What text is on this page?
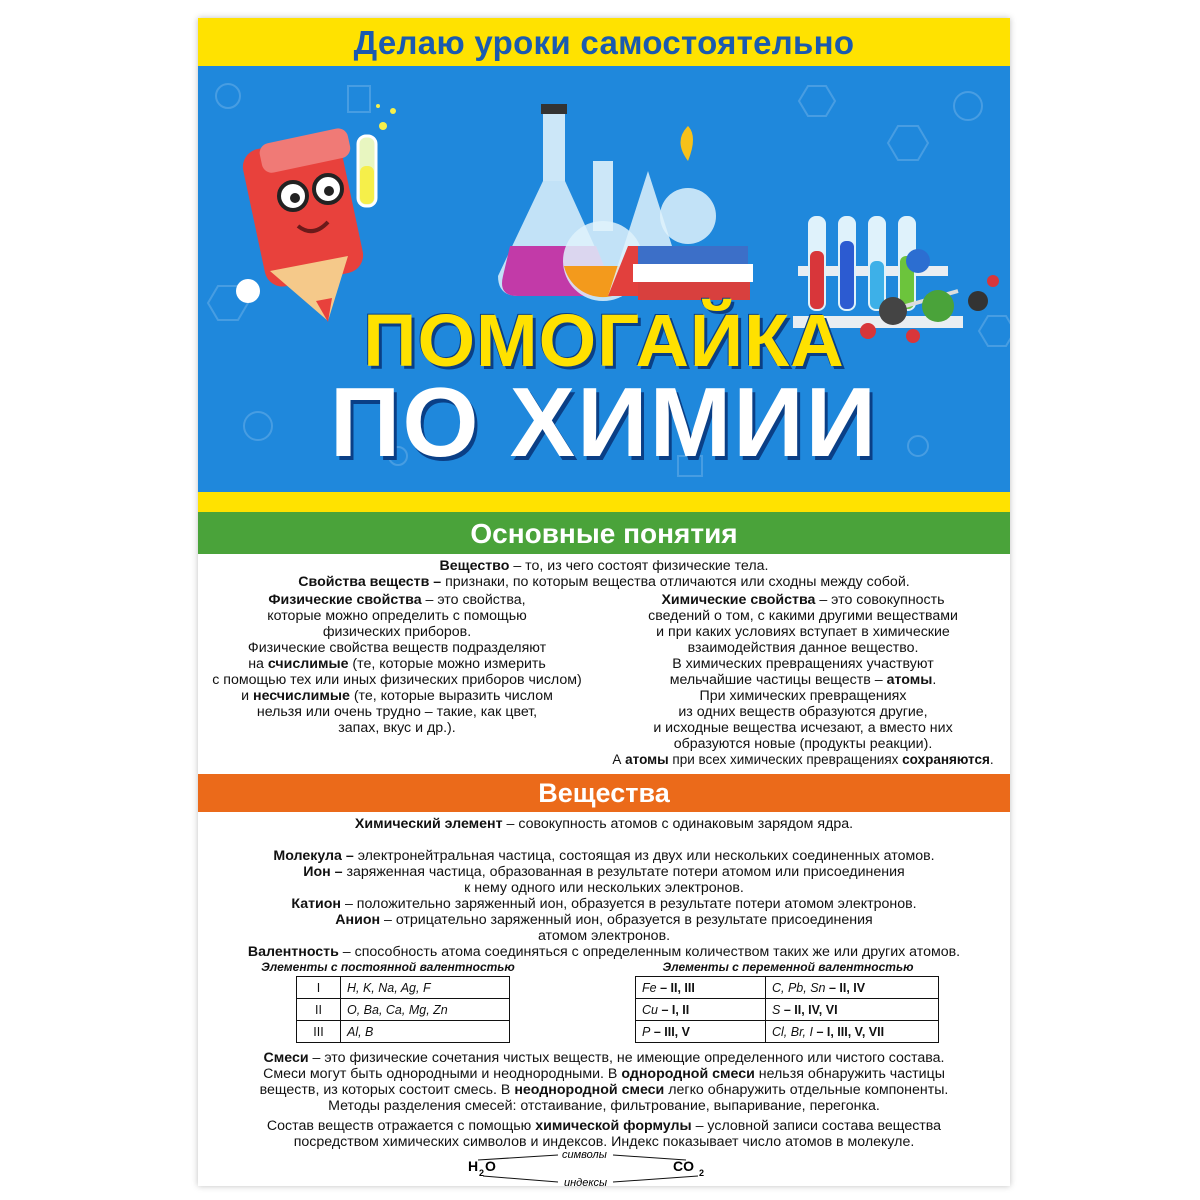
Делаю уроки самостоятельно
ПОМОГАЙКА
ПО ХИМИИ
Основные понятия
Вещество – то, из чего состоят физические тела.
Свойства веществ – признаки, по которым вещества отличаются или сходны между собой.
Физические свойства – это свойства,
которые можно определить с помощью
физических приборов.
Физические свойства веществ подразделяют
на счислимые (те, которые можно измерить
с помощью тех или иных физических приборов числом)
и несчислимые (те, которые выразить числом
нельзя или очень трудно – такие, как цвет,
запах, вкус и др.).
Химические свойства – это совокупность
сведений о том, с какими другими веществами
и при каких условиях вступает в химические
взаимодействия данное вещество.
В химических превращениях участвуют
мельчайшие частицы веществ – атомы.
При химических превращениях
из одних веществ образуются другие,
и исходные вещества исчезают, а вместо них
образуются новые (продукты реакции).
А атомы при всех химических превращениях сохраняются.
Вещества
Химический элемент – совокупность атомов с одинаковым зарядом ядра.
Молекула – электронейтральная частица, состоящая из двух или нескольких соединенных атомов.
Ион – заряженная частица, образованная в результате потери атомом или присоединения
к нему одного или нескольких электронов.
Катион – положительно заряженный ион, образуется в результате потери атомом электронов.
Анион – отрицательно заряженный ион, образуется в результате присоединения
атомом электронов.
Валентность – способность атома соединяться с определенным количеством таких же или других атомов.
Элементы с постоянной валентностью
I	H, K, Na, Ag, F
II	O, Ba, Ca, Mg, Zn
III	Al, B
Элементы с переменной валентностью
Fe – II, III	C, Pb, Sn – II, IV
Cu – I, II	S – II, IV, VI
P – III, V	Cl, Br, I – I, III, V, VII
Смеси – это физические сочетания чистых веществ, не имеющие определенного или чистого состава.
Смеси могут быть однородными и неоднородными. В однородной смеси нельзя обнаружить частицы
веществ, из которых состоит смесь. В неоднородной смеси легко обнаружить отдельные компоненты.
Методы разделения смесей: отстаивание, фильтрование, выпаривание, перегонка.
Состав веществ отражается с помощью химической формулы – условной записи состава вещества
посредством химических символов и индексов. Индекс показывает число атомов в молекуле.
H 2 O	CO 2
символы
индексы
